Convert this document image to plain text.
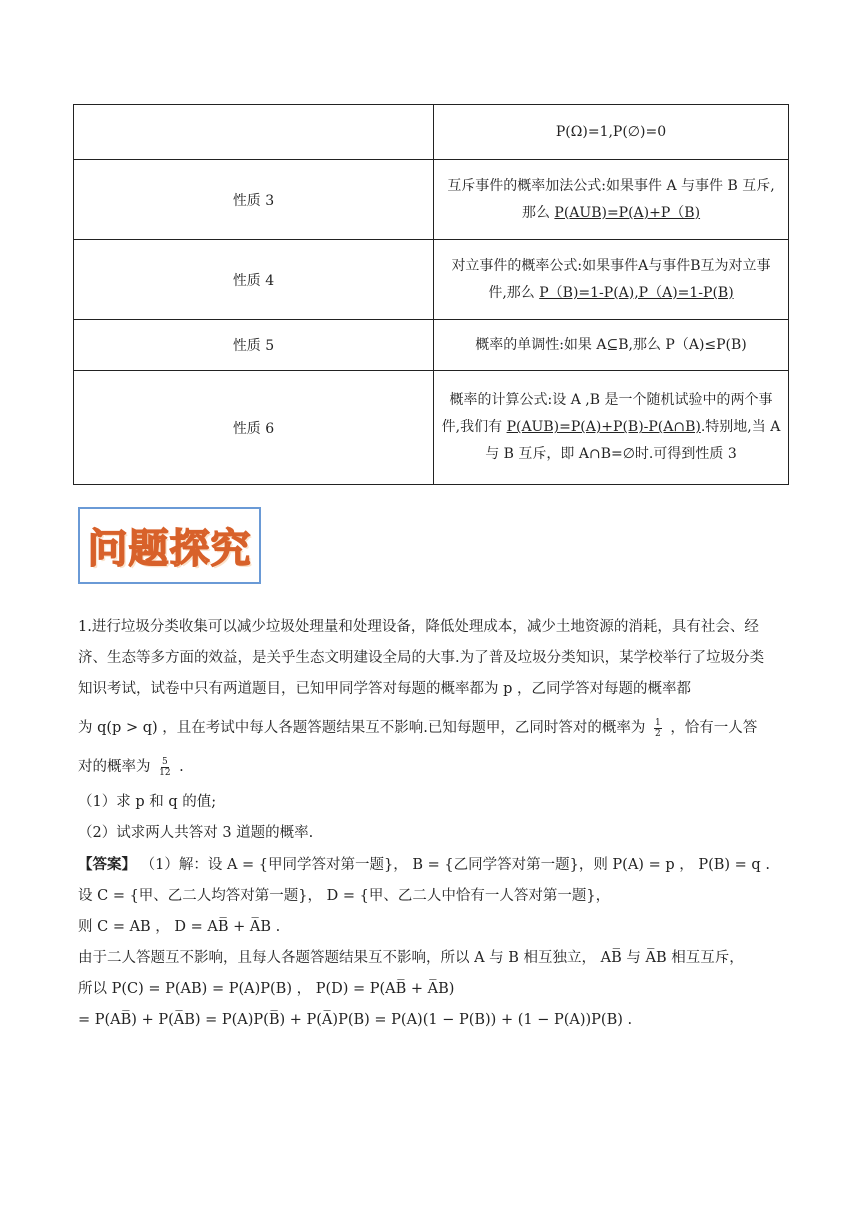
	P(Ω)=1,P(∅)=0
性质 3	互斥事件的概率加法公式:如果事件 A 与事件 B 互斥,
那么 P(AUB)=P(A)+P（B)
性质 4	对立事件的概率公式:如果事件A与事件B互为对立事
件,那么 P（B)=1-P(A),P（A)=1-P(B)
性质 5	概率的单调性:如果 A⊆B,那么 P（A)≤P(B)
性质 6	概率的计算公式:设 A ,B 是一个随机试验中的两个事
件,我们有 P(AUB)=P(A)+P(B)-P(A∩B).特别地,当 A
与 B 互斥，即 A∩B=∅时.可得到性质 3
问题探究

1.进行垃圾分类收集可以减少垃圾处理量和处理设备，降低处理成本，减少土地资源的消耗，具有社会、经

济、生态等多方面的效益，是关乎生态文明建设全局的大事.为了普及垃圾分类知识，某学校举行了垃圾分类

知识考试，试卷中只有两道题目，已知甲同学答对每题的概率都为 p ，乙同学答对每题的概率都

为 q(p > q) ，且在考试中每人各题答题结果互不影响.已知每题甲，乙同时答对的概率为 $\frac{1}{2}$ ，恰有一人答

对的概率为 $\frac{5}{12}$ .

（1）求 p 和 q 的值;

（2）试求两人共答对 3 道题的概率.

【答案】 （1）解：设 A = {甲同学答对第一题}， B = {乙同学答对第一题}，则 P(A) = p ， P(B) = q .

设 C = {甲、乙二人均答对第一题}， D = {甲、乙二人中恰有一人答对第一题}，

则 C = AB ， D = AB̅ + A̅B .

由于二人答题互不影响，且每人各题答题结果互不影响，所以 A 与 B 相互独立， AB̅ 与 A̅B 相互互斥，

所以 P(C) = P(AB) = P(A)P(B) ， P(D) = P(AB̅ + A̅B)

= P(AB̅) + P(A̅B) = P(A)P(B̅) + P(A̅)P(B) = P(A)(1 − P(B)) + (1 − P(A))P(B) .
